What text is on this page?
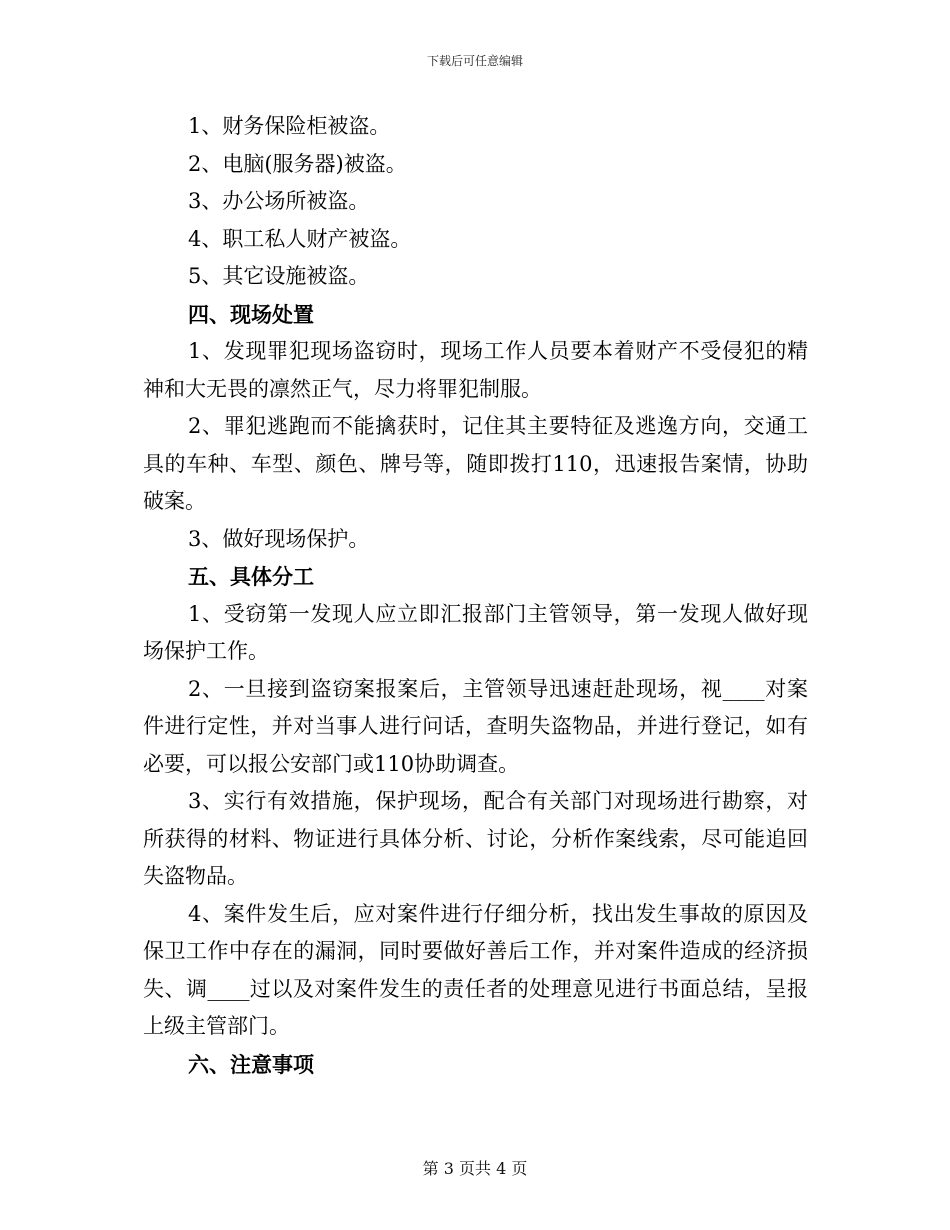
下载后可任意编辑

1、财务保险柜被盗。

2、电脑(服务器)被盗。

3、办公场所被盗。

4、职工私人财产被盗。

5、其它设施被盗。

四、现场处置

1、发现罪犯现场盗窃时，现场工作人员要本着财产不受侵犯的精神和大无畏的凛然正气，尽力将罪犯制服。

2、罪犯逃跑而不能擒获时，记住其主要特征及逃逸方向，交通工具的车种、车型、颜色、牌号等，随即拨打110，迅速报告案情，协助破案。

3、做好现场保护。

五、具体分工

1、受窃第一发现人应立即汇报部门主管领导，第一发现人做好现场保护工作。

2、一旦接到盗窃案报案后，主管领导迅速赶赴现场，视____对案件进行定性，并对当事人进行问话，查明失盗物品，并进行登记，如有必要，可以报公安部门或110协助调查。

3、实行有效措施，保护现场，配合有关部门对现场进行勘察，对所获得的材料、物证进行具体分析、讨论，分析作案线索，尽可能追回失盗物品。

4、案件发生后，应对案件进行仔细分析，找出发生事故的原因及保卫工作中存在的漏洞，同时要做好善后工作，并对案件造成的经济损失、调____过以及对案件发生的责任者的处理意见进行书面总结，呈报上级主管部门。

六、注意事项

第 3 页共 4 页
